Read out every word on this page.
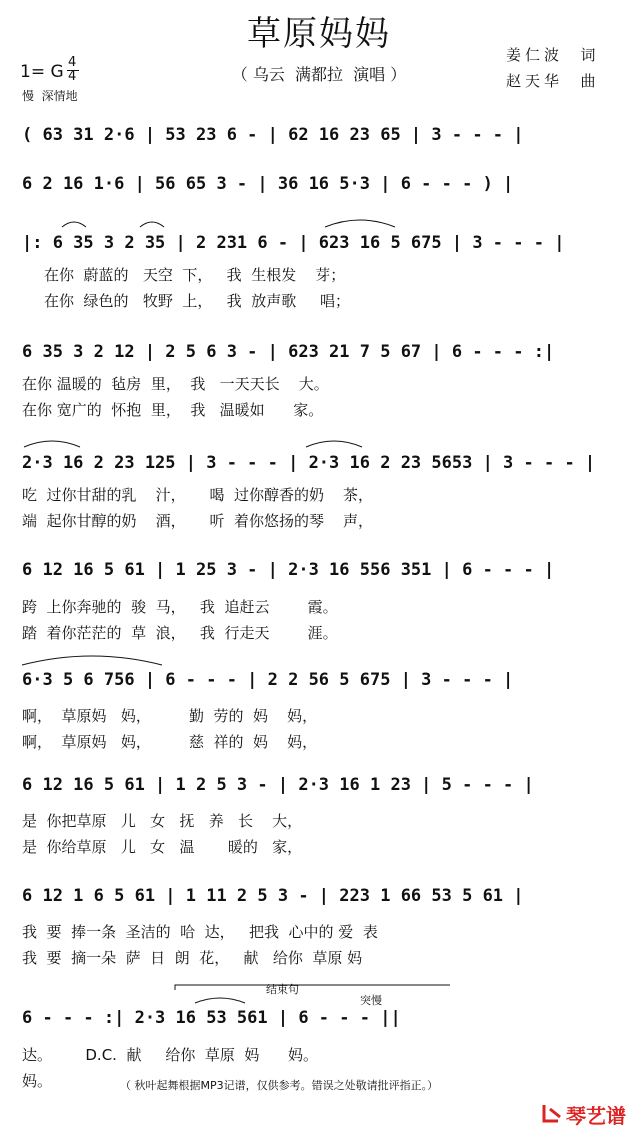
草原妈妈
1= G 4
4
慢  深情地
（ 乌云  满都拉  演唱 ）
姜仁波  词
赵天华  曲
( 63 31 2·6 | 53 23 6 - | 62 16 23 65 | 3 - - - |
6 2 16 1·6 | 56 65 3 - | 36 16 5·3 | 6 - - - ) |
|: 6 35 3 2 35 | 2 231 6 - | 623 16 5 675 | 3 - - - |
在你  蔚蓝的   天空  下，   我  生根发    芽；
在你  绿色的   牧野  上，   我  放声歌     唱；
6 35 3 2 12 | 2 5 6 3 - | 623 21 7 5 67 | 6 - - - :|
在你 温暖的  毡房  里，  我   一天天长    大。
在你 宽广的  怀抱  里，  我   温暖如      家。
2·3 16 2 23 125 | 3 - - - | 2·3 16 2 23 5653 | 3 - - - |
吃  过你甘甜的乳    汁，     喝  过你醇香的奶    茶，
端  起你甘醇的奶    酒，     听  着你悠扬的琴    声，
6 12 16 5 61 | 1 25 3 - | 2·3 16 556 351 | 6 - - - |
跨  上你奔驰的  骏  马，   我  追赶云        霞。
踏  着你茫茫的  草  浪，   我  行走天        涯。
6·3 5 6 756 | 6 - - - | 2 2 56 5 675 | 3 - - - |
啊，  草原妈   妈，        勤  劳的  妈    妈，
啊，  草原妈   妈，        慈  祥的  妈    妈，
6 12 16 5 61 | 1 2 5 3 - | 2·3 16 1 23 | 5 - - - |
是  你把草原   儿   女   抚   养   长    大，
是  你给草原   儿   女   温       暖的   家，
6 12 1 6 5 61 | 1 11 2 5 3 - | 223 1 66 53 5 61 |
我  要  捧一条  圣洁的  哈  达，   把我  心中的 爱  表
我  要  摘一朵  萨  日  朗  花，   献   给你  草原 妈
结束句
突慢
6 - - - :| 2·3 16 53 561 | 6 - - - ||
达。       D.C.  献     给你  草原  妈      妈。
妈。	（ 秋叶起舞根据MP3记谱，仅供参考。错误之处敬请批评指正。）
琴艺谱
